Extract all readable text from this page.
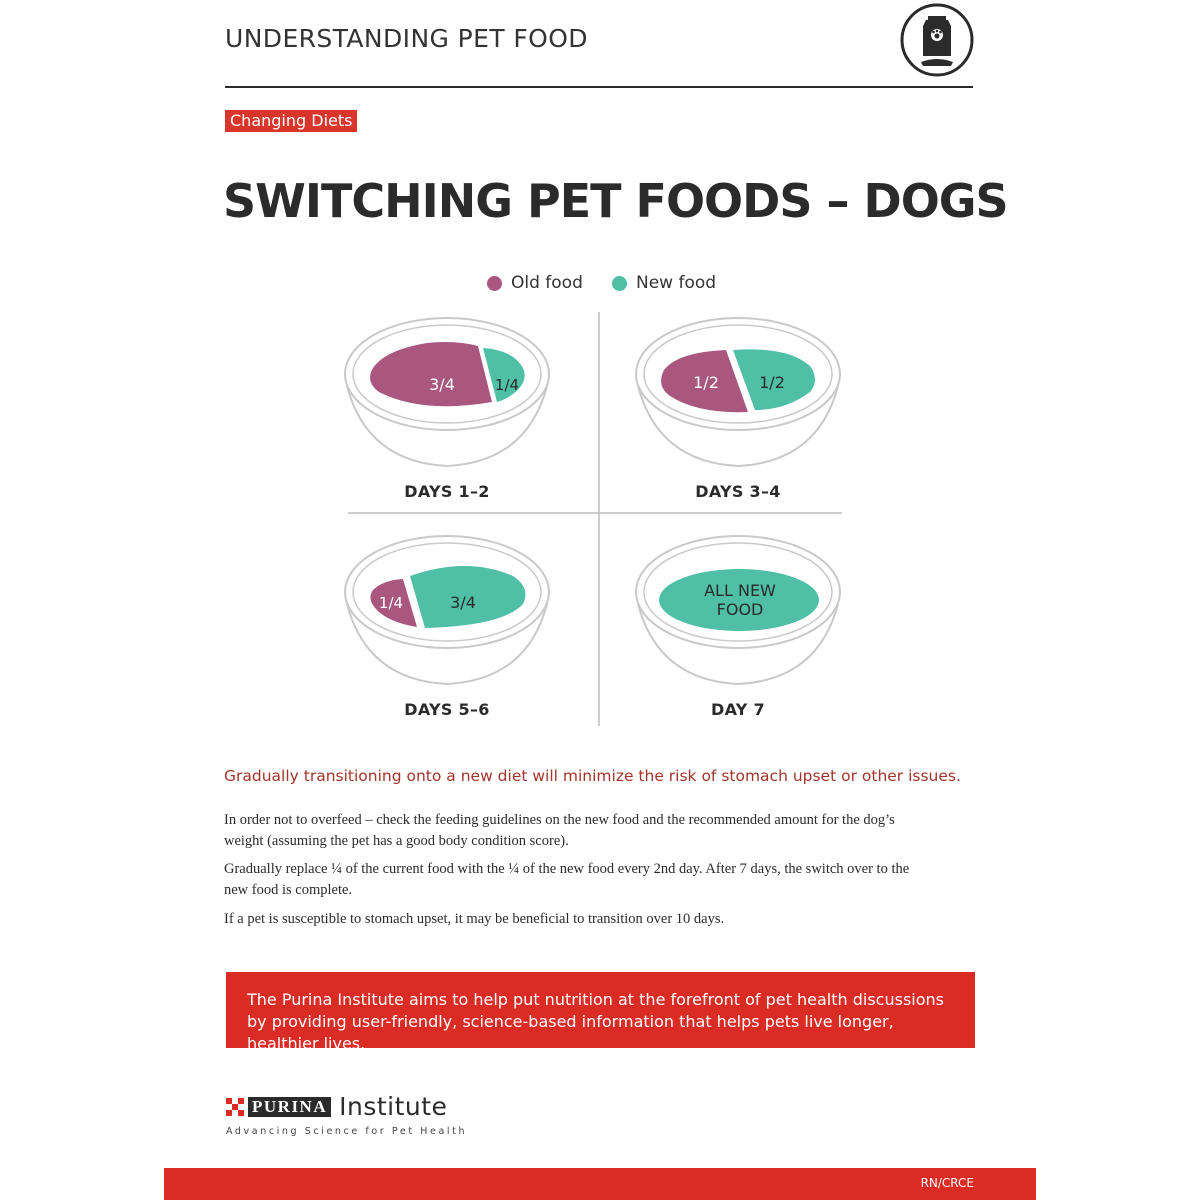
UNDERSTANDING PET FOOD
Changing Diets
SWITCHING PET FOODS – DOGS
Old food	New food
3/4	1/4	1/2	1/2
1/4	3/4
ALL NEW
FOOD
DAYS 1–2	DAYS 3–4
DAYS 5–6	DAY 7
Gradually transitioning onto a new diet will minimize the risk of stomach upset or other issues.
In order not to overfeed – check the feeding guidelines on the new food and the recommended amount for the dog’s weight (assuming the pet has a good body condition score).
Gradually replace ¼ of the current food with the ¼ of the new food every 2nd day. After 7 days, the switch over to the new food is complete.
If a pet is susceptible to stomach upset, it may be beneficial to transition over 10 days.
The Purina Institute aims to help put nutrition at the forefront of pet health discussions by providing user-friendly, science-based information that helps pets live longer, healthier lives.
PURINA Institute
Advancing Science for Pet Health
RN/CRCE
